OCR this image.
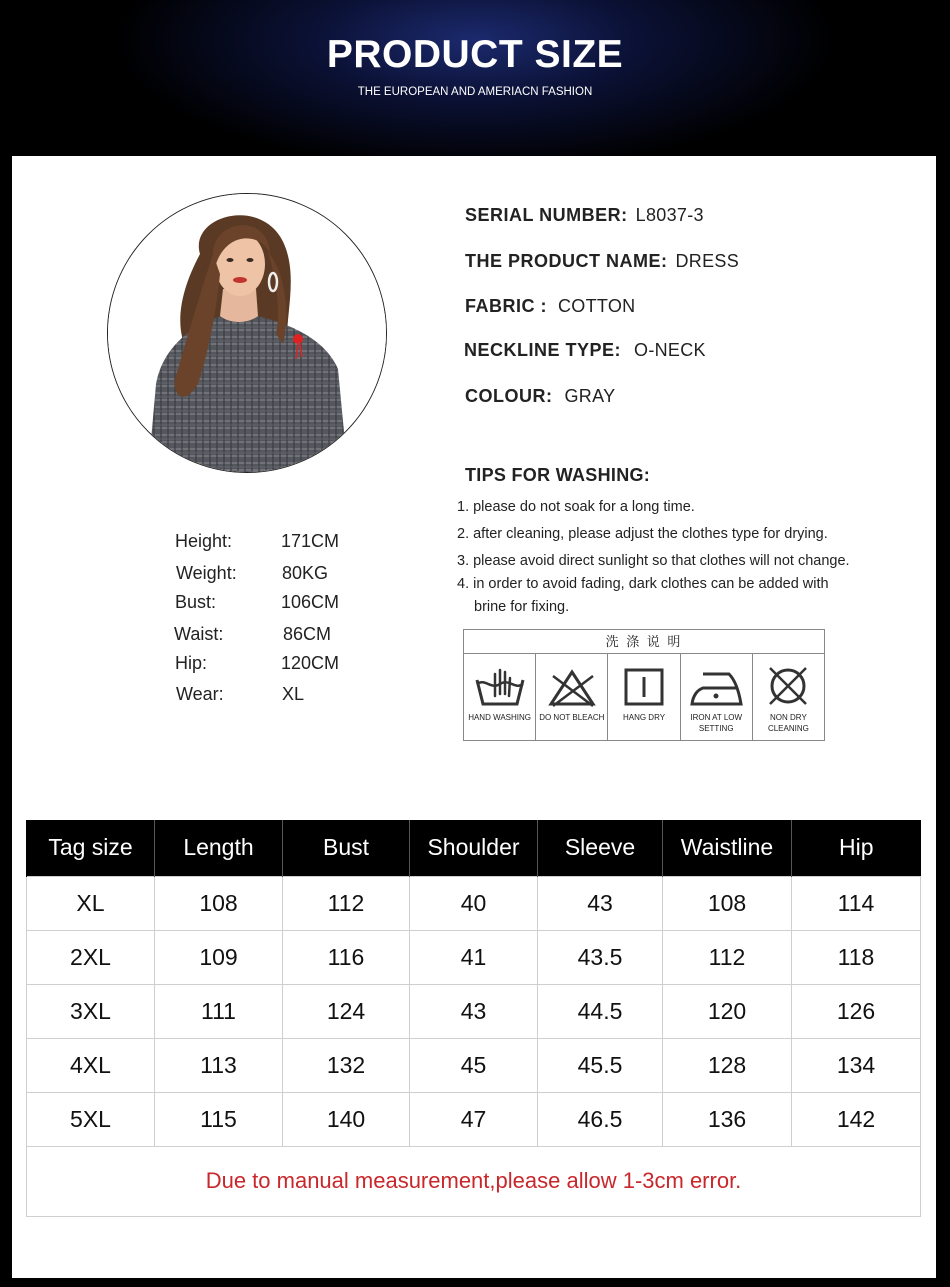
PRODUCT SIZE
THE EUROPEAN AND AMERIACN FASHION
SERIAL NUMBER: L8037-3
THE PRODUCT NAME: DRESS
FABRIC : COTTON
NECKLINE TYPE: O-NECK
COLOUR: GRAY
TIPS FOR WASHING:
1. please do not soak for a long time.
2. after cleaning, please adjust the clothes type for drying.
3. please avoid direct sunlight so that clothes will not change.
4. in order to avoid fading, dark clothes can be added with
brine for fixing.
Height:	171CM
Weight:	80KG
Bust:	106CM
Waist:	86CM
Hip:	120CM
Wear:	XL
洗 涤 说 明
HAND WASHING DO NOT BLEACH HANG DRY	IRON AT LOW SETTING
NON DRY CLEANING
Tag size	Length	Bust	Shoulder	Sleeve	Waistline	Hip
XL	108	112	40	43	108	114
2XL	109	116	41	43.5	112	118
3XL	111	124	43	44.5	120	126
4XL	113	132	45	45.5	128	134
5XL	115	140	47	46.5	136	142
Due to manual measurement,please allow 1-3cm error.						
